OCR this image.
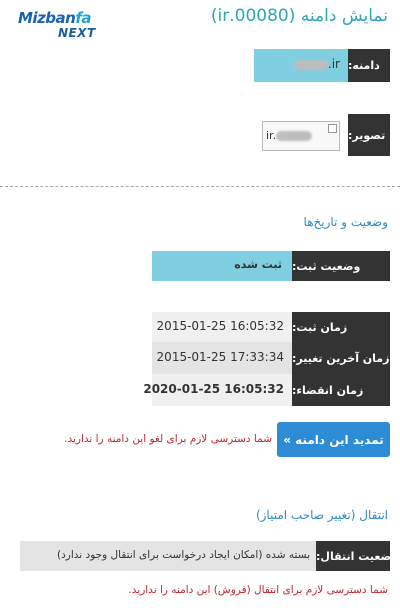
Mizbanfa
NEXT
نمایش دامنه (00080.ir)
.ir دامنه:
ir.	تصویر:
وضعیت و تاریخ‌ها
ثبت شده وضعیت ثبت:
2015-01-25 16:05:32 زمان ثبت:
2015-01-25 17:33:34 زمان آخرین تغییر:
2020-01-25 16:05:32 زمان انقضاء:
تمدید این دامنه »
شما دسترسی لازم برای لغو این دامنه را ندارید.
انتقال (تغییر صاحب امتیاز)
بسته شده (امکان ایجاد درخواست برای انتقال وجود ندارد) وضعیت انتقال:
شما دسترسی لازم برای انتقال (فروش) این دامنه را ندارید.
